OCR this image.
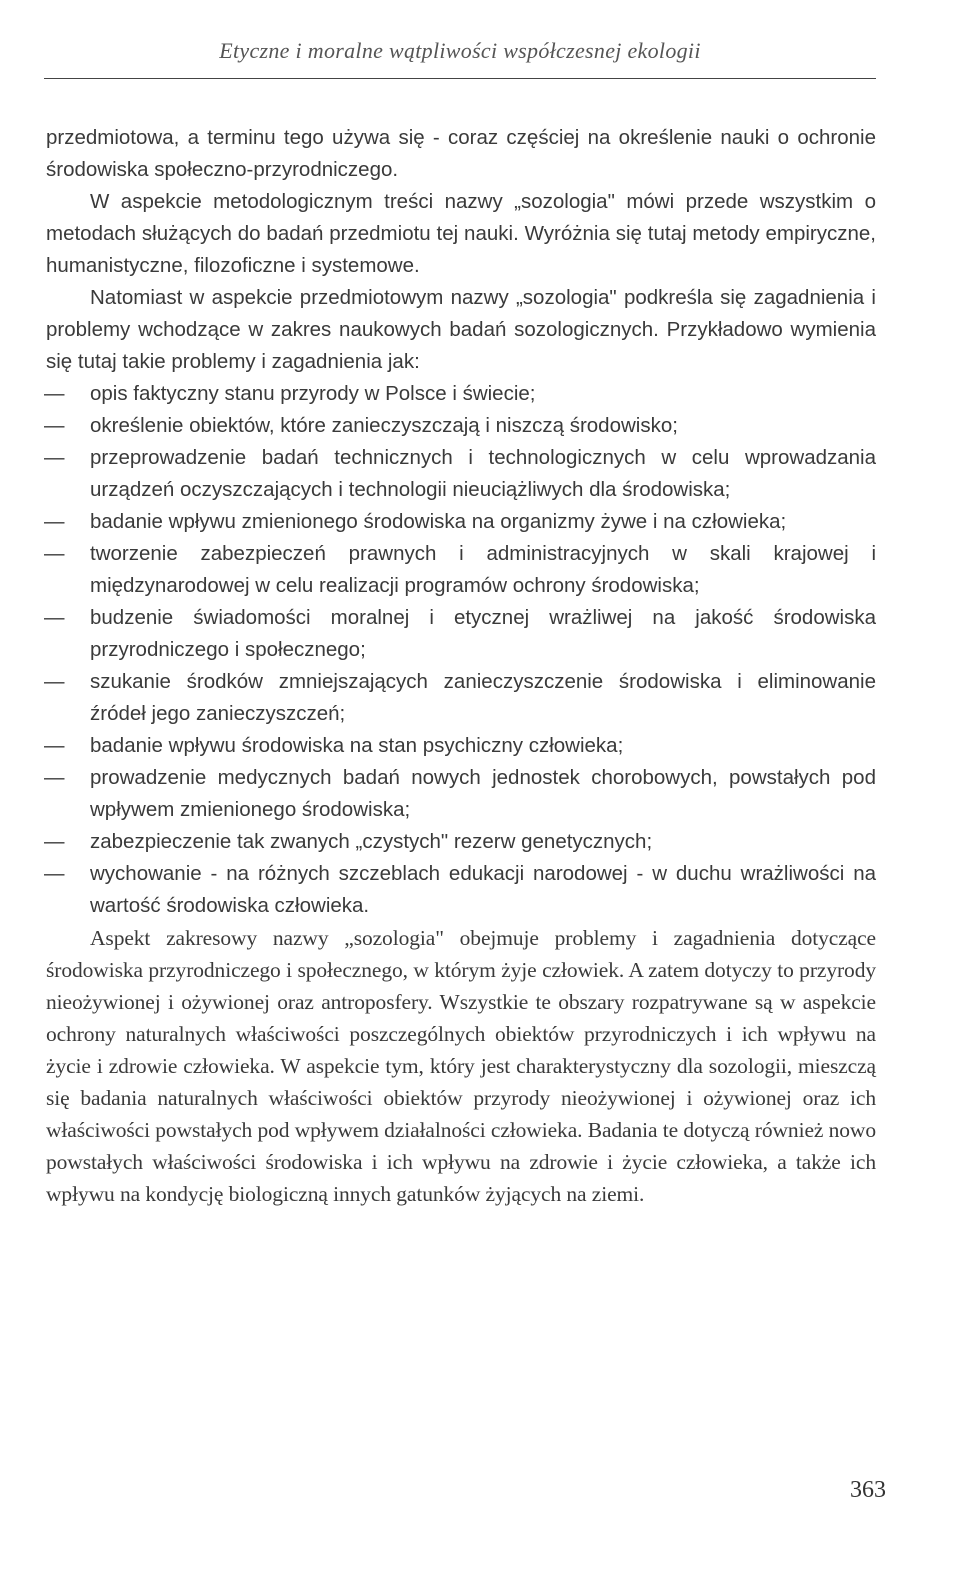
Etyczne i moralne wątpliwości współczesnej ekologii

przedmiotowa, a terminu tego używa się - coraz częściej na określenie nauki o ochronie środowiska społeczno-przyrodniczego.

W aspekcie metodologicznym treści nazwy „sozologia" mówi przede wszystkim o metodach służących do badań przedmiotu tej nauki. Wyróżnia się tutaj metody empiryczne, humanistyczne, filozoficzne i systemowe.

Natomiast w aspekcie przedmiotowym nazwy „sozologia" podkreśla się zagadnienia i problemy wchodzące w zakres naukowych badań sozologicznych. Przykładowo wymienia się tutaj takie problemy i zagadnienia jak:

— opis faktyczny stanu przyrody w Polsce i świecie;
— określenie obiektów, które zanieczyszczają i niszczą środowisko;
— przeprowadzenie badań technicznych i technologicznych w celu wprowadzania urządzeń oczyszczających i technologii nieuciążliwych dla środowiska;
— badanie wpływu zmienionego środowiska na organizmy żywe i na człowieka;
— tworzenie zabezpieczeń prawnych i administracyjnych w skali krajowej i międzynarodowej w celu realizacji programów ochrony środowiska;
— budzenie świadomości moralnej i etycznej wrażliwej na jakość środowiska przyrodniczego i społecznego;
— szukanie środków zmniejszających zanieczyszczenie środowiska i eliminowanie źródeł jego zanieczyszczeń;
— badanie wpływu środowiska na stan psychiczny człowieka;
— prowadzenie medycznych badań nowych jednostek chorobowych, powstałych pod wpływem zmienionego środowiska;
— zabezpieczenie tak zwanych „czystych" rezerw genetycznych;
— wychowanie - na różnych szczeblach edukacji narodowej - w duchu wrażliwości na wartość środowiska człowieka.

Aspekt zakresowy nazwy „sozologia" obejmuje problemy i zagadnienia dotyczące środowiska przyrodniczego i społecznego, w którym żyje człowiek. A zatem dotyczy to przyrody nieożywionej i ożywionej oraz antroposfery. Wszystkie te obszary rozpatrywane są w aspekcie ochrony naturalnych właściwości poszczególnych obiektów przyrodniczych i ich wpływu na życie i zdrowie człowieka. W aspekcie tym, który jest charakterystyczny dla sozologii, mieszczą się badania naturalnych właściwości obiektów przyrody nieożywionej i ożywionej oraz ich właściwości powstałych pod wpływem działalności człowieka. Badania te dotyczą również nowo powstałych właściwości środowiska i ich wpływu na zdrowie i życie człowieka, a także ich wpływu na kondycję biologiczną innych gatunków żyjących na ziemi.

363
